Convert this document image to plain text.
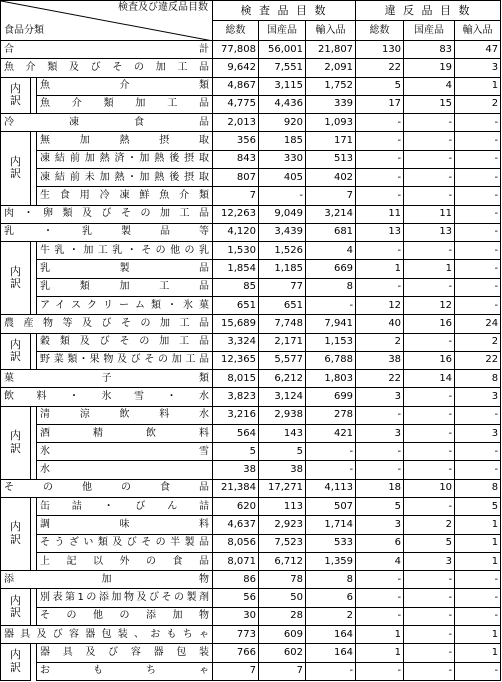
検査及び違反品目数
食品分類			検 査 品 目 数			違 反 品 目 数		
			総数	国産品	輸入品	総数	国産品	輸入品
合計			77,808	56,001	21,807	130	83	47
魚介類及びその加工品			9,642	7,551	2,091	22	19	3

内
訳		魚介類	4,867	3,115	1,752	5	4	1
		魚介類加工品	4,775	4,436	339	17	15	2
冷凍食品			2,013	920	1,093	-	-	-

内
訳		無加熱摂取	356	185	171	-	-	-
		凍結前加熱済･加熱後摂取	843	330	513	-	-	-
		凍結前未加熱･加熱後摂取	807	405	402	-	-	-
		生食用冷凍鮮魚介類	7	-	7	-	-	-
肉・卵類及びその加工品			12,263	9,049	3,214	11	11	-
乳・乳製品等			4,120	3,439	681	13	13	-

内
訳		牛乳・加工乳・その他の乳	1,530	1,526	4	-	-	-
		乳製品	1,854	1,185	669	1	1	-
		乳類加工品	85	77	8	-	-	-
		アイスクリーム類・氷菓	651	651	-	12	12	-
農産物等及びその加工品			15,689	7,748	7,941	40	16	24

内
訳		穀類及びその加工品	3,324	2,171	1,153	2	-	2
		野菜類･果物及びその加工品	12,365	5,577	6,788	38	16	22
菓子類			8,015	6,212	1,803	22	14	8
飲料・氷雪・水			3,823	3,124	699	3	-	3

内
訳		清涼飲料水	3,216	2,938	278	-	-	-
		酒精飲料	564	143	421	3	-	3
		氷雪	5	5	-	-	-	-
		水	38	38	-	-	-	-
その他の食品			21,384	17,271	4,113	18	10	8

内
訳		缶詰・びん詰	620	113	507	5	-	5
		調味料	4,637	2,923	1,714	3	2	1
		そうざい類及びその半製品	8,056	7,523	533	6	5	1
		上記以外の食品	8,071	6,712	1,359	4	3	1
添加物			86	78	8	-	-	-

内
訳		別表第1の添加物及びその製剤	56	50	6	-	-	-
		その他の添加物	30	28	2	-	-	-
器具及び容器包装、おもちゃ			773	609	164	1	-	1

内
訳		器具及び容器包装	766	602	164	1	-	1
		おもちゃ	7	7	-	-	-	-
